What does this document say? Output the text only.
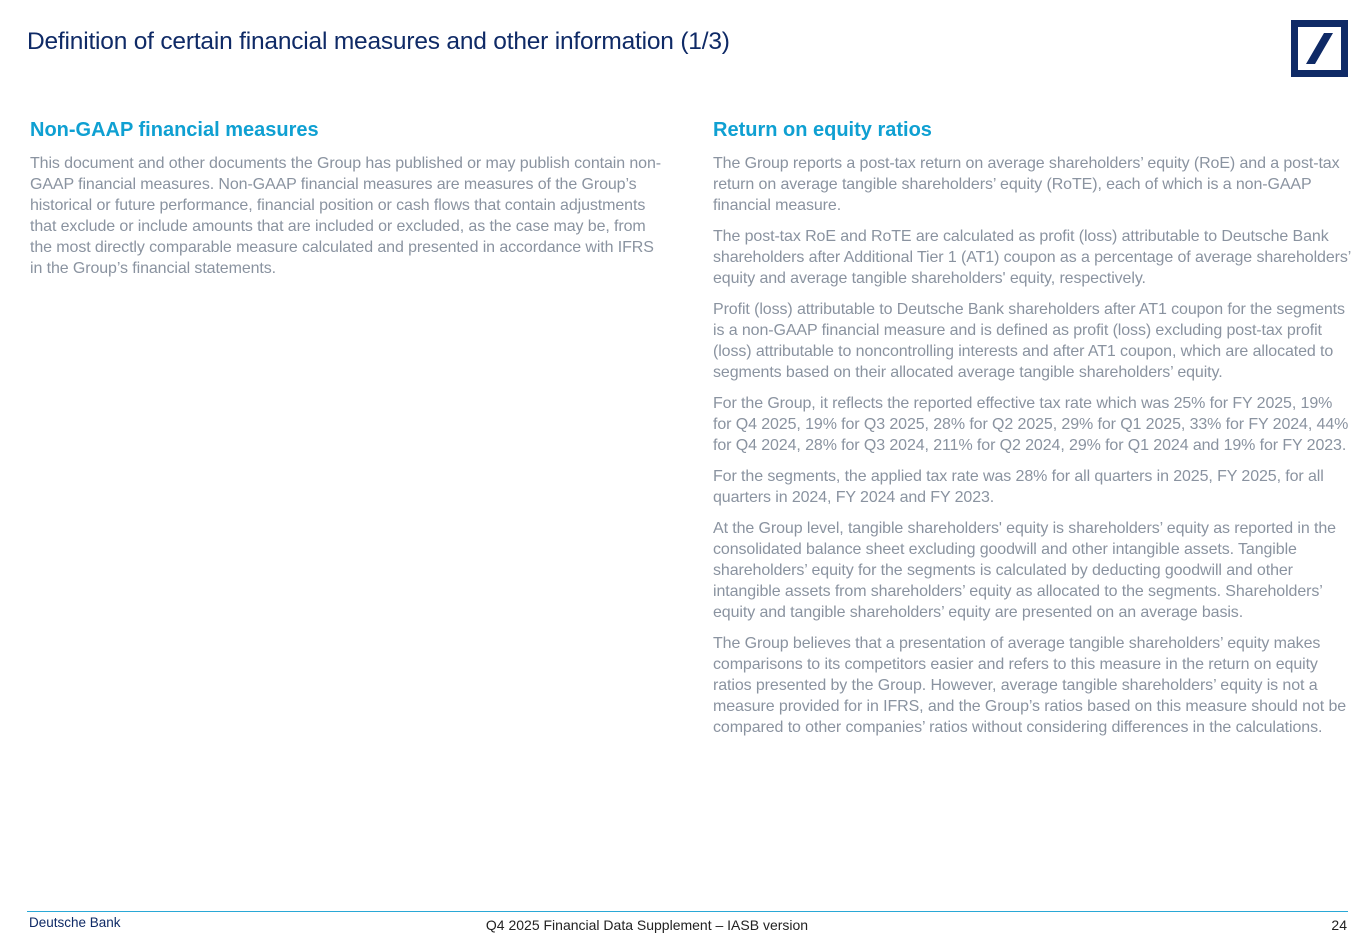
Definition of certain financial measures and other information (1/3)
Non-GAAP financial measures

This document and other documents the Group has published or may publish contain non-GAAP financial measures. Non-GAAP financial measures are measures of the Group’s historical or future performance, financial position or cash flows that contain adjustments that exclude or include amounts that are included or excluded, as the case may be, from the most directly comparable measure calculated and presented in accordance with IFRS in the Group’s financial statements.

Return on equity ratios

The Group reports a post-tax return on average shareholders’ equity (RoE) and a post-tax return on average tangible shareholders’ equity (RoTE), each of which is a non-GAAP financial measure.

The post-tax RoE and RoTE are calculated as profit (loss) attributable to Deutsche Bank shareholders after Additional Tier 1 (AT1) coupon as a percentage of average shareholders’ equity and average tangible shareholders' equity, respectively.

Profit (loss) attributable to Deutsche Bank shareholders after AT1 coupon for the segments is a non-GAAP financial measure and is defined as profit (loss) excluding post-tax profit (loss) attributable to noncontrolling interests and after AT1 coupon, which are allocated to segments based on their allocated average tangible shareholders’ equity.

For the Group, it reflects the reported effective tax rate which was 25% for FY 2025, 19% for Q4 2025, 19% for Q3 2025, 28% for Q2 2025, 29% for Q1 2025, 33% for FY 2024, 44% for Q4 2024, 28% for Q3 2024, 211% for Q2 2024, 29% for Q1 2024 and 19% for FY 2023.

For the segments, the applied tax rate was 28% for all quarters in 2025, FY 2025, for all quarters in 2024, FY 2024 and FY 2023.

At the Group level, tangible shareholders' equity is shareholders’ equity as reported in the consolidated balance sheet excluding goodwill and other intangible assets. Tangible shareholders’ equity for the segments is calculated by deducting goodwill and other intangible assets from shareholders’ equity as allocated to the segments. Shareholders’ equity and tangible shareholders’ equity are presented on an average basis.

The Group believes that a presentation of average tangible shareholders’ equity makes comparisons to its competitors easier and refers to this measure in the return on equity ratios presented by the Group. However, average tangible shareholders’ equity is not a measure provided for in IFRS, and the Group’s ratios based on this measure should not be compared to other companies’ ratios without considering differences in the calculations.

Deutsche Bank	Q4 2025 Financial Data Supplement – IASB version	24
